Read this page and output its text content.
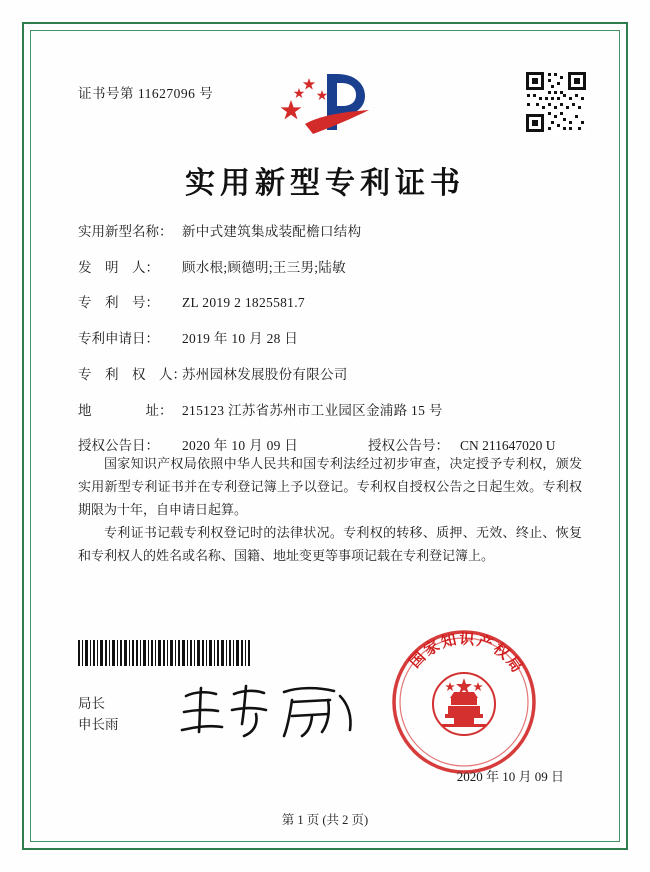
证书号第 11627096 号
实用新型专利证书
实用新型名称： 新中式建筑集成装配檐口结构
发　明　人：	顾水根;顾德明;王三男;陆敏
专　利　号：	ZL 2019 2 1825581.7
专利申请日：	2019 年 10 月 28 日
专　利　权　人：
苏州园林发展股份有限公司
地　　　　址： 215123 江苏省苏州市工业园区金浦路 15 号
授权公告日：	2020 年 10 月 09 日	授权公告号： CN 211647020 U

国家知识产权局依照中华人民共和国专利法经过初步审查，决定授予专利权，颁发实用新型专利证书并在专利登记簿上予以登记。专利权自授权公告之日起生效。专利权期限为十年，自申请日起算。

专利证书记载专利权登记时的法律状况。专利权的转移、质押、无效、终止、恢复和专利权人的姓名或名称、国籍、地址变更等事项记载在专利登记簿上。

局长
申长雨
国家知识产权局
2020 年 10 月 09 日
第 1 页 (共 2 页)
